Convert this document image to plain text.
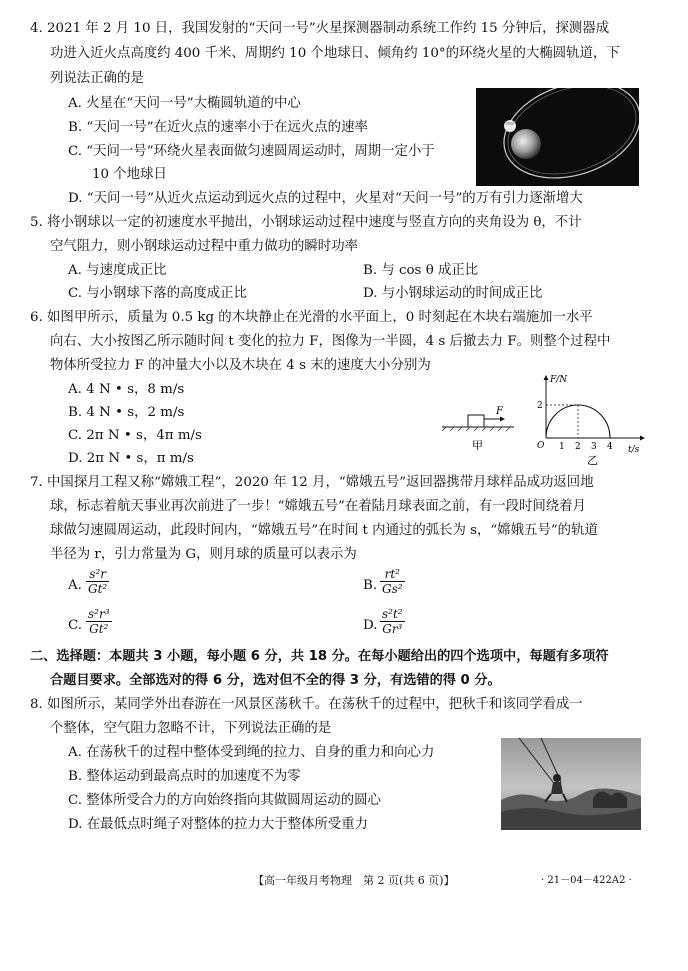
4. 2021 年 2 月 10 日，我国发射的“天问一号”火星探测器制动系统工作约 15 分钟后，探测器成
功进入近火点高度约 400 千米、周期约 10 个地球日、倾角约 10°的环绕火星的大椭圆轨道，下
列说法正确的是
A. 火星在“天问一号”大椭圆轨道的中心
B. “天问一号”在近火点的速率小于在远火点的速率
C. “天问一号”环绕火星表面做匀速圆周运动时，周期一定小于
10 个地球日
D. “天问一号”从近火点运动到远火点的过程中，火星对“天问一号”的万有引力逐渐增大
5. 将小钢球以一定的初速度水平抛出，小钢球运动过程中速度与竖直方向的夹角设为 θ，不计
空气阻力，则小钢球运动过程中重力做功的瞬时功率
A. 与速度成正比	B. 与 cos θ 成正比
C. 与小钢球下落的高度成正比	D. 与小钢球运动的时间成正比
6. 如图甲所示，质量为 0.5 kg 的木块静止在光滑的水平面上，0 时刻起在木块右端施加一水平
向右、大小按图乙所示随时间 t 变化的拉力 F，图像为一半圆，4 s 后撤去力 F。则整个过程中
物体所受拉力 F 的冲量大小以及木块在 4 s 末的速度大小分别为
A. 4 N • s，8 m/s
B. 4 N • s，2 m/s
C. 2π N • s，4π m/s
D. 2π N • s，π m/s
F
甲
F/N
t/s
2
O 1 2 3 4
乙
7. 中国探月工程又称“嫦娥工程”，2020 年 12 月，“嫦娥五号”返回器携带月球样品成功返回地
球，标志着航天事业再次前进了一步！“嫦娥五号”在着陆月球表面之前，有一段时间绕着月
球做匀速圆周运动，此段时间内，“嫦娥五号”在时间 t 内通过的弧长为 s，“嫦娥五号”的轨道
半径为 r，引力常量为 G，则月球的质量可以表示为
A. $\frac{\text{s²r}}{\text{Gt²}}$	B. $\frac{\text{rt²}}{\text{Gs²}}$
C. $\frac{\text{s²r³}}{\text{Gt²}}$	D. $\frac{\text{s²t²}}{\text{Gr³}}$
二、选择题：本题共 3 小题，每小题 6 分，共 18 分。在每小题给出的四个选项中，每题有多项符
合题目要求。全部选对的得 6 分，选对但不全的得 3 分，有选错的得 0 分。
8. 如图所示，某同学外出春游在一风景区荡秋千。在荡秋千的过程中，把秋千和该同学看成一
个整体，空气阻力忽略不计，下列说法正确的是
A. 在荡秋千的过程中整体受到绳的拉力、自身的重力和向心力
B. 整体运动到最高点时的加速度不为零
C. 整体所受合力的方向始终指向其做圆周运动的圆心
D. 在最低点时绳子对整体的拉力大于整体所受重力
【高一年级月考物理　第 2 页(共 6 页)】	· 21－04－422A2 ·
